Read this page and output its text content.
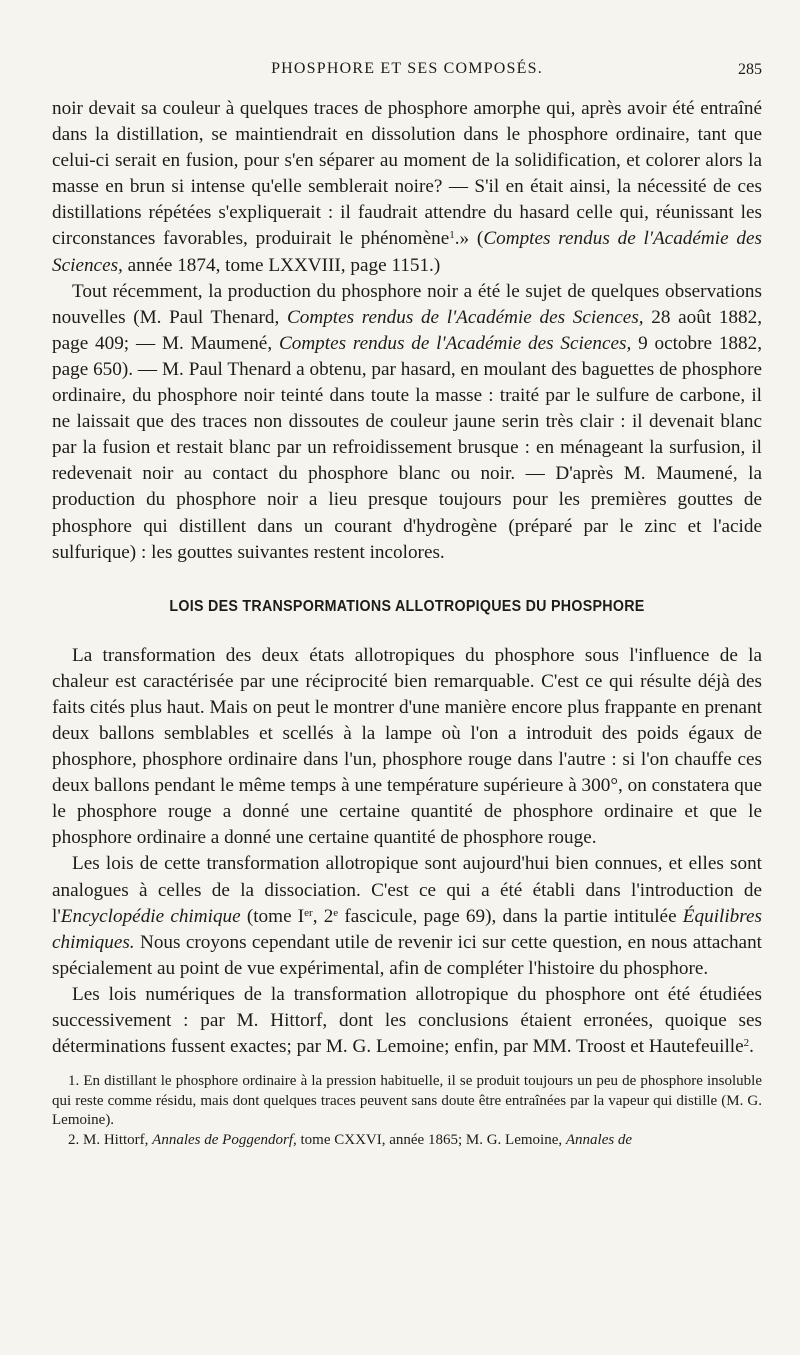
PHOSPHORE ET SES COMPOSÉS.	285

noir devait sa couleur à quelques traces de phosphore amorphe qui, après avoir été entraîné dans la distillation, se maintiendrait en dissolution dans le phosphore ordinaire, tant que celui-ci serait en fusion, pour s'en séparer au moment de la solidification, et colorer alors la masse en brun si intense qu'elle semblerait noire? — S'il en était ainsi, la nécessité de ces distillations répétées s'expliquerait : il faudrait attendre du hasard celle qui, réunissant les circonstances favorables, produirait le phénomène$^1$.» (Comptes rendus de l'Académie des Sciences, année 1874, tome LXXVIII, page 1151.)

Tout récemment, la production du phosphore noir a été le sujet de quelques observations nouvelles (M. Paul Thenard, Comptes rendus de l'Académie des Sciences, 28 août 1882, page 409; — M. Maumené, Comptes rendus de l'Académie des Sciences, 9 octobre 1882, page 650). — M. Paul Thenard a obtenu, par hasard, en moulant des baguettes de phosphore ordinaire, du phosphore noir teinté dans toute la masse : traité par le sulfure de carbone, il ne laissait que des traces non dissoutes de couleur jaune serin très clair : il devenait blanc par la fusion et restait blanc par un refroidissement brusque : en ménageant la surfusion, il redevenait noir au contact du phosphore blanc ou noir. — D'après M. Maumené, la production du phosphore noir a lieu presque toujours pour les premières gouttes de phosphore qui distillent dans un courant d'hydrogène (préparé par le zinc et l'acide sulfurique) : les gouttes suivantes restent incolores.

LOIS DES TRANSPORMATIONS ALLOTROPIQUES DU PHOSPHORE

La transformation des deux états allotropiques du phosphore sous l'influence de la chaleur est caractérisée par une réciprocité bien remarquable. C'est ce qui résulte déjà des faits cités plus haut. Mais on peut le montrer d'une manière encore plus frappante en prenant deux ballons semblables et scellés à la lampe où l'on a introduit des poids égaux de phosphore, phosphore ordinaire dans l'un, phosphore rouge dans l'autre : si l'on chauffe ces deux ballons pendant le même temps à une température supérieure à 300°, on constatera que le phosphore rouge a donné une certaine quantité de phosphore ordinaire et que le phosphore ordinaire a donné une certaine quantité de phosphore rouge.

Les lois de cette transformation allotropique sont aujourd'hui bien connues, et elles sont analogues à celles de la dissociation. C'est ce qui a été établi dans l'introduction de l'Encyclopédie chimique (tome Ier, 2e fascicule, page 69), dans la partie intitulée Équilibres chimiques. Nous croyons cependant utile de revenir ici sur cette question, en nous attachant spécialement au point de vue expérimental, afin de compléter l'histoire du phosphore.

Les lois numériques de la transformation allotropique du phosphore ont été étudiées successivement : par M. Hittorf, dont les conclusions étaient erronées, quoique ses déterminations fussent exactes; par M. G. Lemoine; enfin, par MM. Troost et Hautefeuille$^2$.

1. En distillant le phosphore ordinaire à la pression habituelle, il se produit toujours un peu de phosphore insoluble qui reste comme résidu, mais dont quelques traces peuvent sans doute être entraînées par la vapeur qui distille (M. G. Lemoine).

2. M. Hittorf, Annales de Poggendorf, tome CXXVI, année 1865; M. G. Lemoine, Annales de
